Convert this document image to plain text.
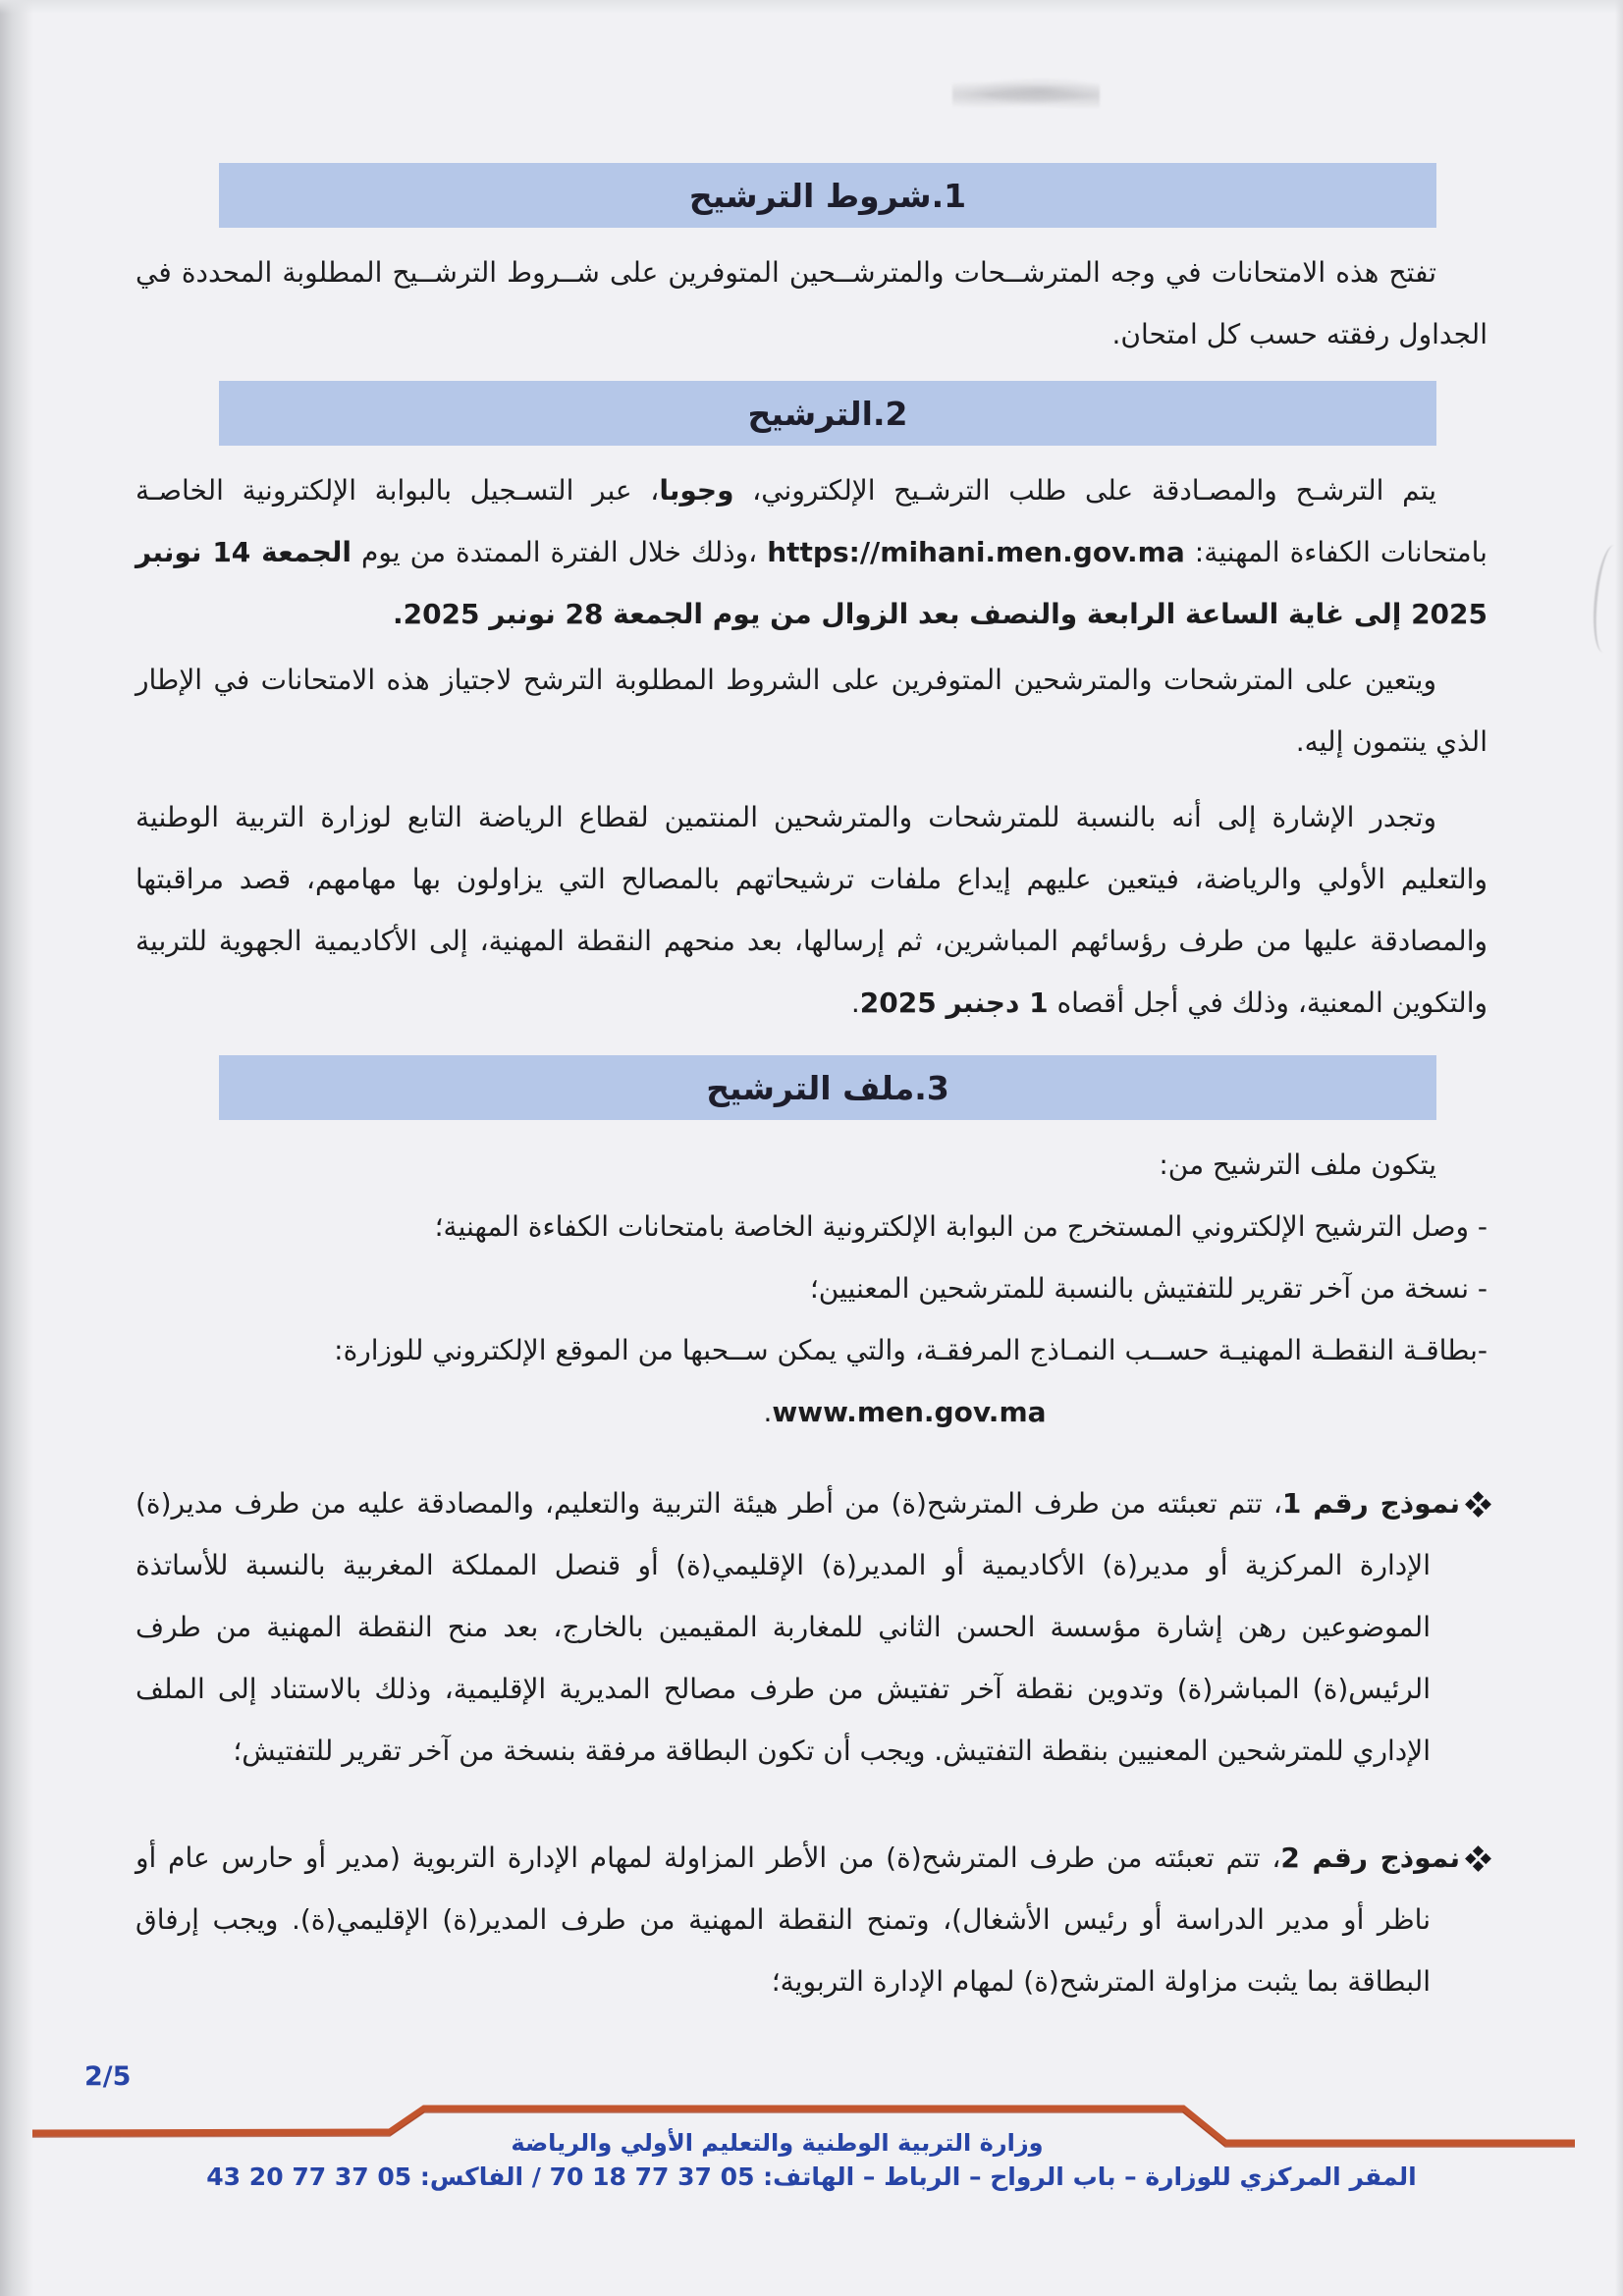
1.شروط الترشيح

تفتح هذه الامتحانات في وجه المترشــحات والمترشــحين المتوفرين على شــروط الترشــيح المطلوبة المحددة في الجداول رفقته حسب كل امتحان.

2.الترشيح

يتم الترشـح والمصـادقة على طلب الترشـيح الإلكتروني، وجوبا، عبر التسـجيل بالبوابة الإلكترونية الخاصـة بامتحانات الكفاءة المهنية: https://mihani.men.gov.ma ،وذلك خلال الفترة الممتدة من يوم الجمعة 14 نونبر 2025 إلى غاية الساعة الرابعة والنصف بعد الزوال من يوم الجمعة 28 نونبر 2025.

ويتعين على المترشحات والمترشحين المتوفرين على الشروط المطلوبة الترشح لاجتياز هذه الامتحانات في الإطار الذي ينتمون إليه.

وتجدر الإشارة إلى أنه بالنسبة للمترشحات والمترشحين المنتمين لقطاع الرياضة التابع لوزارة التربية الوطنية والتعليم الأولي والرياضة، فيتعين عليهم إيداع ملفات ترشيحاتهم بالمصالح التي يزاولون بها مهامهم، قصد مراقبتها والمصادقة عليها من طرف رؤسائهم المباشرين، ثم إرسالها، بعد منحهم النقطة المهنية، إلى الأكاديمية الجهوية للتربية والتكوين المعنية، وذلك في أجل أقصاه 1 دجنبر 2025.

3.ملف الترشيح

يتكون ملف الترشيح من:

- وصل الترشيح الإلكتروني المستخرج من البوابة الإلكترونية الخاصة بامتحانات الكفاءة المهنية؛
- نسخة من آخر تقرير للتفتيش بالنسبة للمترشحين المعنيين؛
-بطاقـة النقطـة المهنيـة حســب النمـاذج المرفقـة، والتي يمكن ســحبها من الموقع الإلكتروني للوزارة:
www.men.gov.ma.
نموذج رقم 1، تتم تعبئته من طرف المترشح(ة) من أطر هيئة التربية والتعليم، والمصادقة عليه من طرف مدير(ة) الإدارة المركزية أو مدير(ة) الأكاديمية أو المدير(ة) الإقليمي(ة) أو قنصل المملكة المغربية بالنسبة للأساتذة الموضوعين رهن إشارة مؤسسة الحسن الثاني للمغاربة المقيمين بالخارج، بعد منح النقطة المهنية من طرف الرئيس(ة) المباشر(ة) وتدوين نقطة آخر تفتيش من طرف مصالح المديرية الإقليمية، وذلك بالاستناد إلى الملف الإداري للمترشحين المعنيين بنقطة التفتيش. ويجب أن تكون البطاقة مرفقة بنسخة من آخر تقرير للتفتيش؛
نموذج رقم 2، تتم تعبئته من طرف المترشح(ة) من الأطر المزاولة لمهام الإدارة التربوية (مدير أو حارس عام أو ناظر أو مدير الدراسة أو رئيس الأشغال)، وتمنح النقطة المهنية من طرف المدير(ة) الإقليمي(ة). ويجب إرفاق البطاقة بما يثبت مزاولة المترشح(ة) لمهام الإدارة التربوية؛
2/5
وزارة التربية الوطنية والتعليم الأولي والرياضة
المقر المركزي للوزارة – باب الرواح – الرباط – الهاتف: 05 37 77 18 70 / الفاكس: 05 37 77 20 43
